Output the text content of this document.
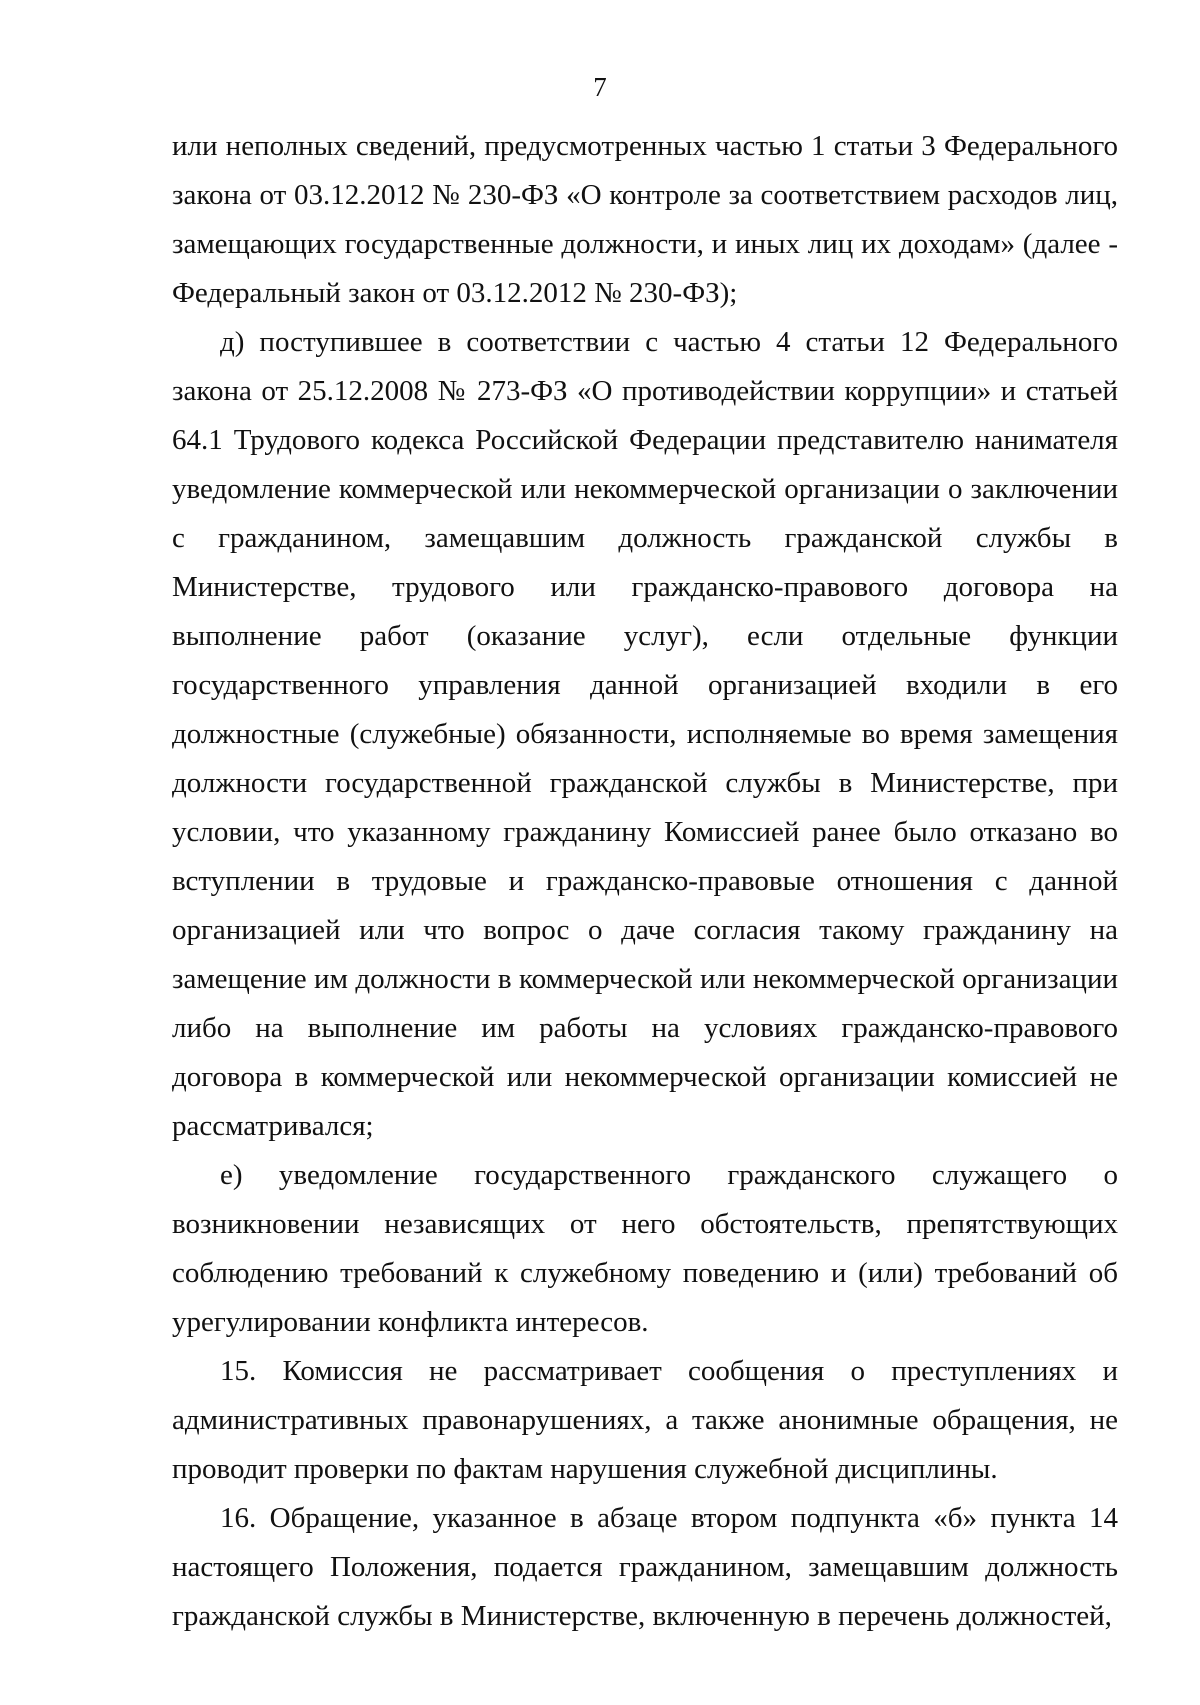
7

или неполных сведений, предусмотренных частью 1 статьи 3 Федерального закона от 03.12.2012 № 230-ФЗ «О контроле за соответствием расходов лиц, замещающих государственные должности, и иных лиц их доходам» (далее - Федеральный закон от 03.12.2012 № 230-ФЗ);

д) поступившее в соответствии с частью 4 статьи 12 Федерального закона от 25.12.2008 № 273-ФЗ «О противодействии коррупции» и статьей 64.1 Трудового кодекса Российской Федерации представителю нанимателя уведомление коммерческой или некоммерческой организации о заключении с гражданином, замещавшим должность гражданской службы в Министерстве, трудового или гражданско-правового договора на выполнение работ (оказание услуг), если отдельные функции государственного управления данной организацией входили в его должностные (служебные) обязанности, исполняемые во время замещения должности государственной гражданской службы в Министерстве, при условии, что указанному гражданину Комиссией ранее было отказано во вступлении в трудовые и гражданско-правовые отношения с данной организацией или что вопрос о даче согласия такому гражданину на замещение им должности в коммерческой или некоммерческой организации либо на выполнение им работы на условиях гражданско-правового договора в коммерческой или некоммерческой организации комиссией не рассматривался;

е) уведомление государственного гражданского служащего о возникновении независящих от него обстоятельств, препятствующих соблюдению требований к служебному поведению и (или) требований об урегулировании конфликта интересов.

15. Комиссия не рассматривает сообщения о преступлениях и административных правонарушениях, а также анонимные обращения, не проводит проверки по фактам нарушения служебной дисциплины.

16. Обращение, указанное в абзаце втором подпункта «б» пункта 14 настоящего Положения, подается гражданином, замещавшим должность гражданской службы в Министерстве, включенную в перечень должностей,
